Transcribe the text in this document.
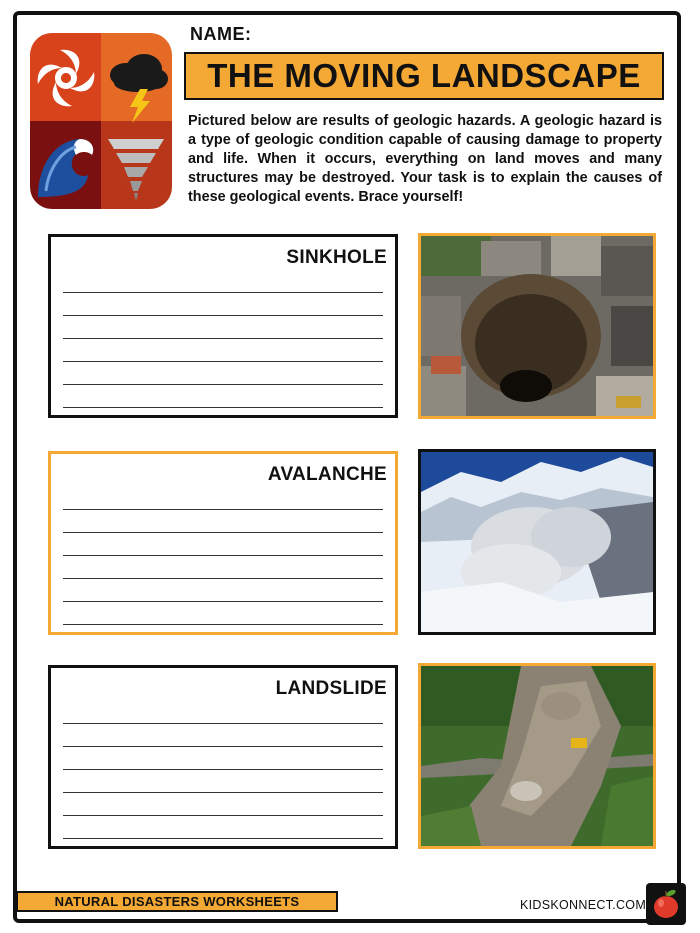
NAME:
THE MOVING LANDSCAPE

Pictured below are results of geologic hazards. A geologic hazard is a type of geologic condition capable of causing damage to property and life. When it occurs, everything on land moves and many structures may be destroyed. Your task is to explain the causes of these geological events. Brace yourself!

SINKHOLE
AVALANCHE
LANDSLIDE
NATURAL DISASTERS WORKSHEETS	KIDSKONNECT.COM
